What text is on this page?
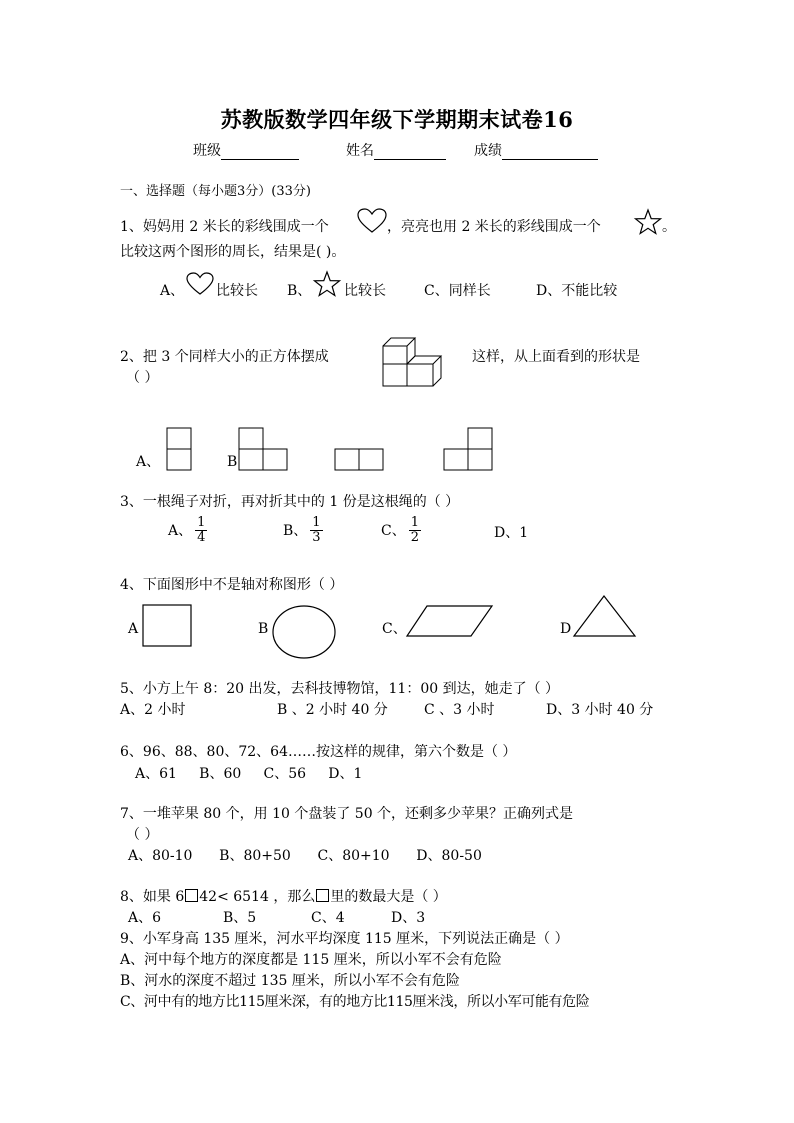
苏教版数学四年级下学期期末试卷16
班级	姓名	成绩
一、选择题（每小题3分）(33分)
1、妈妈用 2 米长的彩线围成一个	，亮亮也用 2 米长的彩线围成一个	。
比较这两个图形的周长，结果是( )。
A、 比较长 B、 比较长	C、同样长	D、不能比较
2、把 3 个同样大小的正方体摆成	这样，从上面看到的形状是
（ ）
A、	B
3、一根绳子对折，再对折其中的 1 份是这根绳的（ ）
A、 $\frac{1}{4}$	B、 $\frac{1}{3}$	C、 $\frac{1}{2}$	D、1
4、下面图形中不是轴对称图形（ ）
A	B	C、	D
5、小方上午 8：20 出发，去科技博物馆，11：00 到达，她走了（ ）
A、2 小时	B 、2 小时 40 分	C 、3 小时	D、3 小时 40 分
6、96、88、80、72、64……按这样的规律，第六个数是（ ）
A、61     B、60     C、56     D、1
7、一堆苹果 80 个，用 10 个盘装了 50 个，还剩多少苹果？正确列式是
（ ）
A、80-10      B、80+50      C、80+10      D、80-50
8、如果 6 42< 6514 ，那么 里的数最大是（ ）
A、6	B、5	C、4	D、3
9、小军身高 135 厘米，河水平均深度 115 厘米，下列说法正确是（ ）
A、河中每个地方的深度都是 115 厘米，所以小军不会有危险
B、河水的深度不超过 135 厘米，所以小军不会有危险
C、河中有的地方比115厘米深，有的地方比115厘米浅，所以小军可能有危险
